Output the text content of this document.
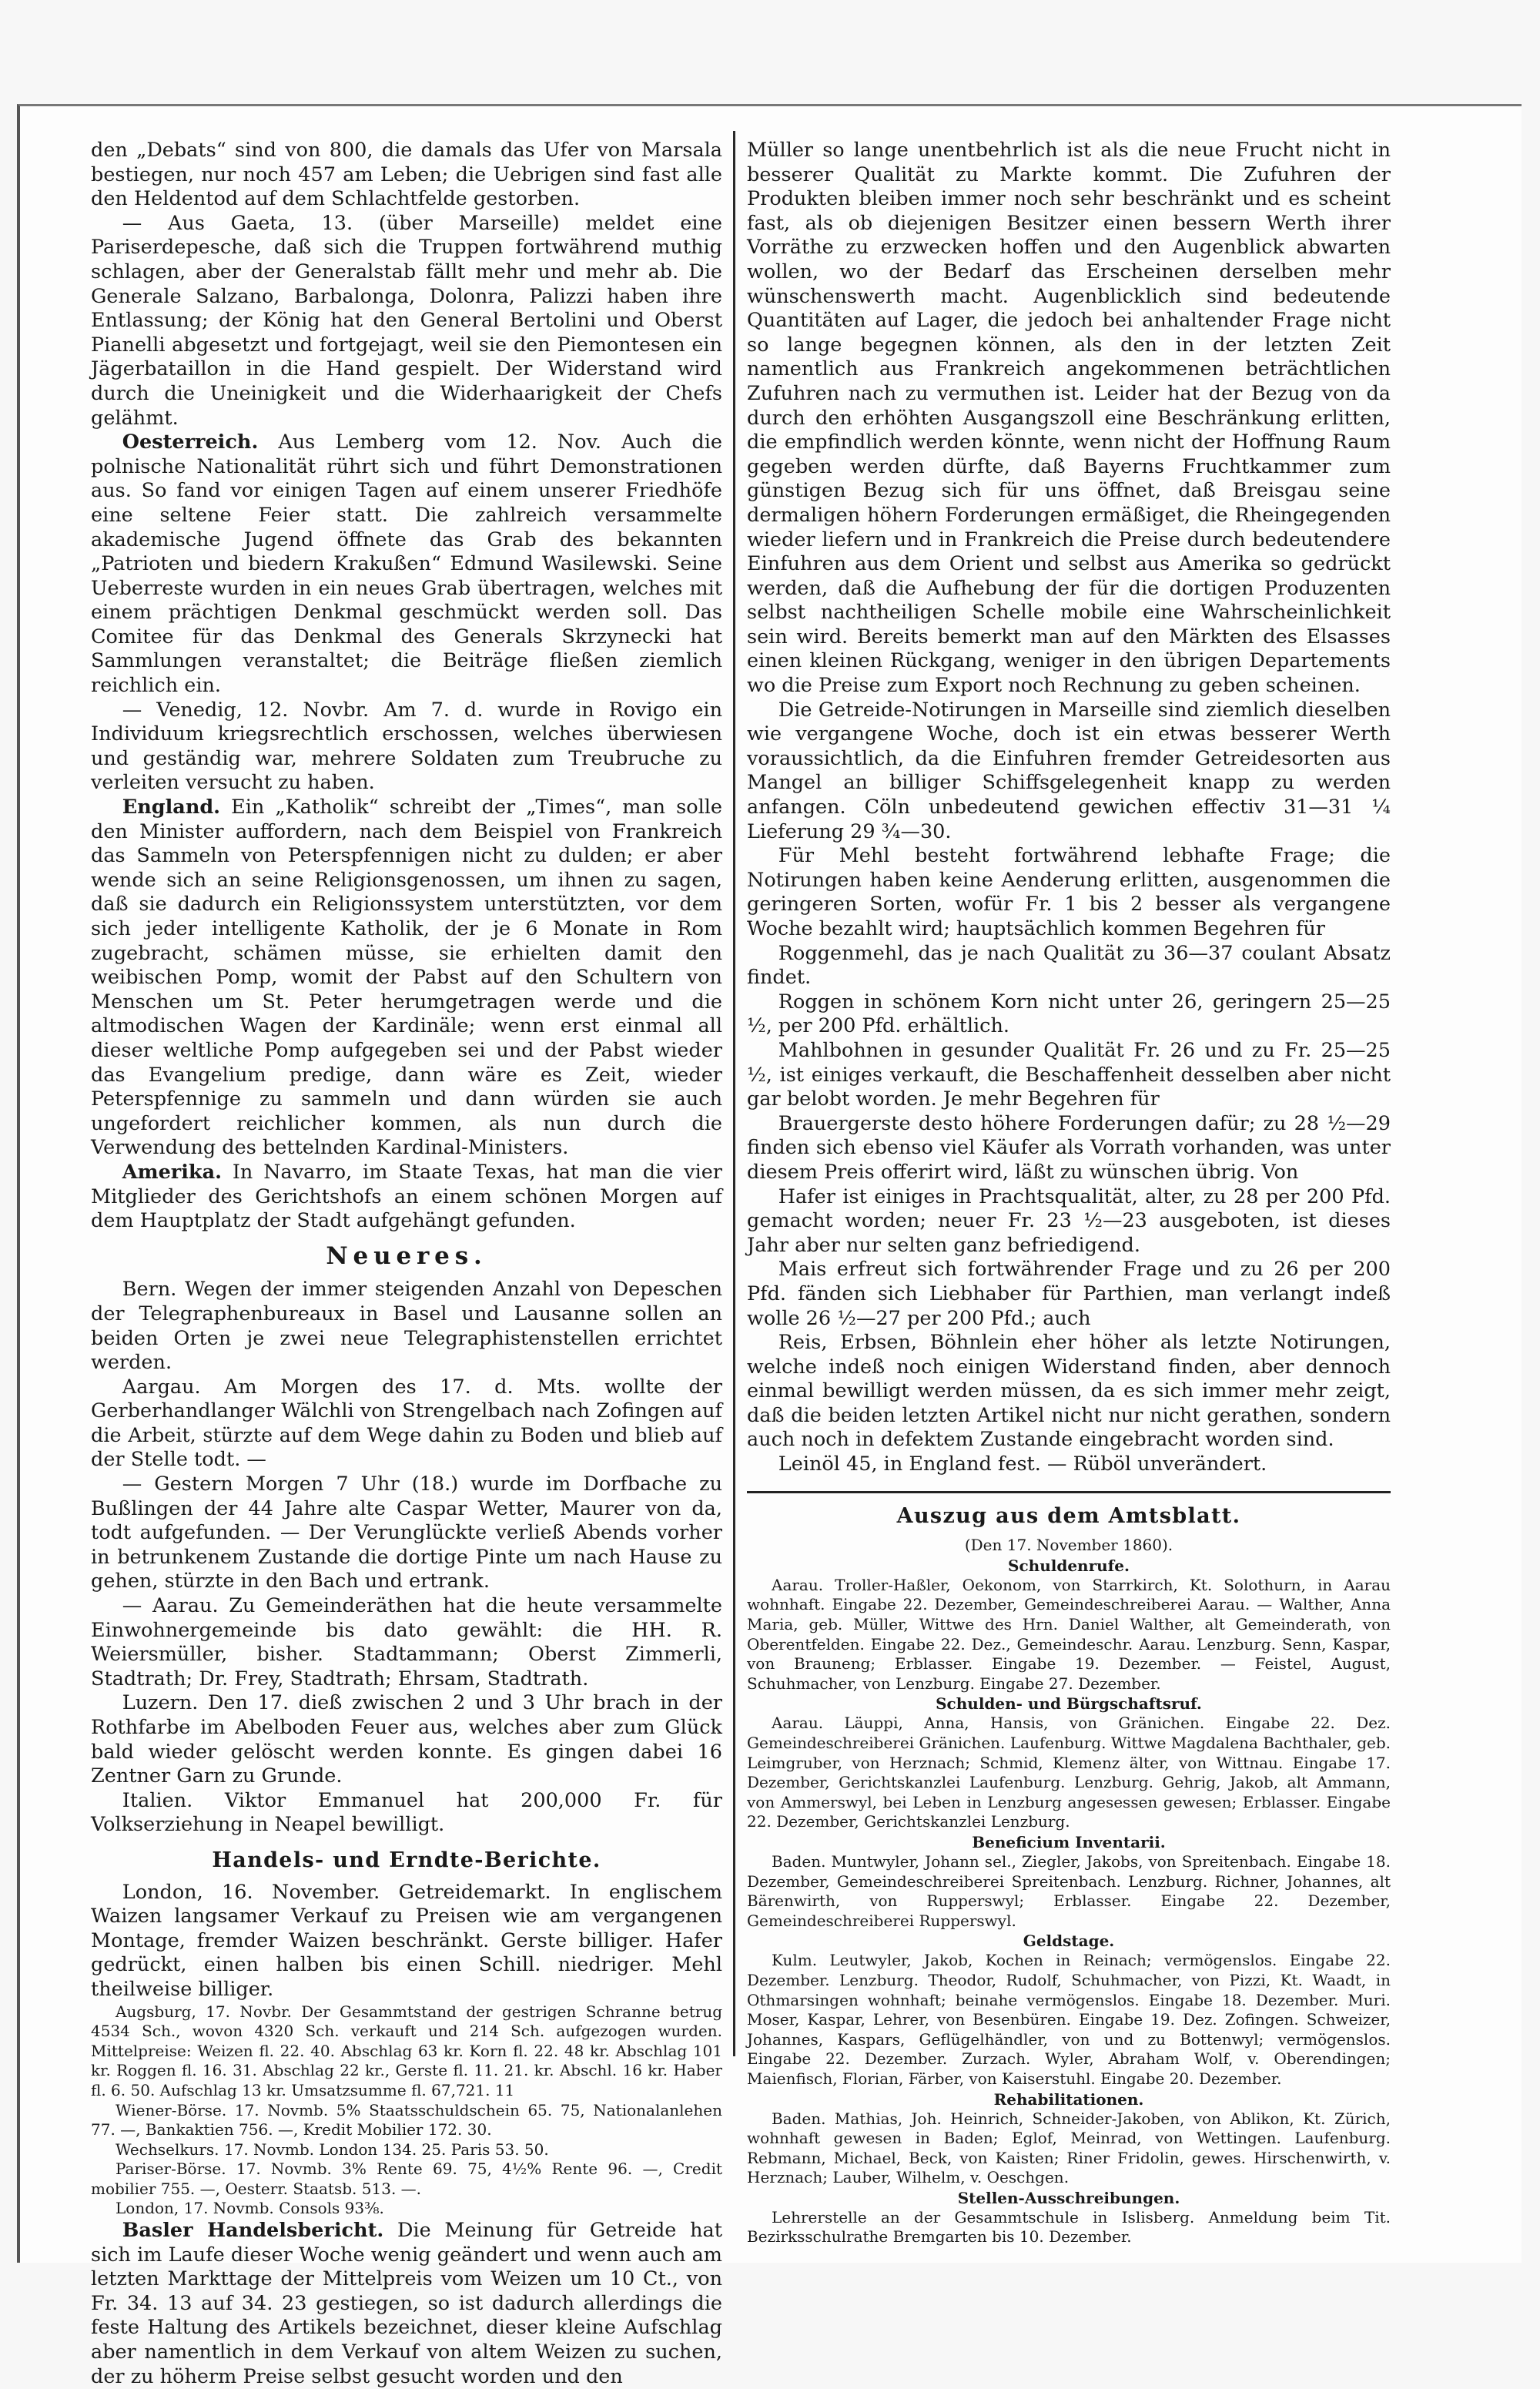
den „Debats“ sind von 800, die damals das Ufer von Marsala bestiegen, nur noch 457 am Leben; die Uebrigen sind fast alle den Heldentod auf dem Schlachtfelde gestorben.

— Aus Gaeta, 13. (über Marseille) meldet eine Pariserdepesche, daß sich die Truppen fortwährend muthig schlagen, aber der Generalstab fällt mehr und mehr ab. Die Generale Salzano, Barbalonga, Dolonra, Palizzi haben ihre Entlassung; der König hat den General Bertolini und Oberst Pianelli abgesetzt und fortgejagt, weil sie den Piemontesen ein Jägerbataillon in die Hand gespielt. Der Widerstand wird durch die Uneinigkeit und die Widerhaarigkeit der Chefs gelähmt.

Oesterreich. Aus Lemberg vom 12. Nov. Auch die polnische Nationalität rührt sich und führt Demonstrationen aus. So fand vor einigen Tagen auf einem unserer Friedhöfe eine seltene Feier statt. Die zahlreich versammelte akademische Jugend öffnete das Grab des bekannten „Patrioten und biedern Krakußen“ Edmund Wasilewski. Seine Ueberreste wurden in ein neues Grab übertragen, welches mit einem prächtigen Denkmal geschmückt werden soll. Das Comitee für das Denkmal des Generals Skrzynecki hat Sammlungen veranstaltet; die Beiträge fließen ziemlich reichlich ein.

— Venedig, 12. Novbr. Am 7. d. wurde in Rovigo ein Individuum kriegsrechtlich erschossen, welches überwiesen und geständig war, mehrere Soldaten zum Treubruche zu verleiten versucht zu haben.

England. Ein „Katholik“ schreibt der „Times“, man solle den Minister auffordern, nach dem Beispiel von Frankreich das Sammeln von Peterspfennigen nicht zu dulden; er aber wende sich an seine Religionsgenossen, um ihnen zu sagen, daß sie dadurch ein Religionssystem unterstützten, vor dem sich jeder intelligente Katholik, der je 6 Monate in Rom zugebracht, schämen müsse, sie erhielten damit den weibischen Pomp, womit der Pabst auf den Schultern von Menschen um St. Peter herumgetragen werde und die altmodischen Wagen der Kardinäle; wenn erst einmal all dieser weltliche Pomp aufgegeben sei und der Pabst wieder das Evangelium predige, dann wäre es Zeit, wieder Peterspfennige zu sammeln und dann würden sie auch ungefordert reichlicher kommen, als nun durch die Verwendung des bettelnden Kardinal-Ministers.

Amerika. In Navarro, im Staate Texas, hat man die vier Mitglieder des Gerichtshofs an einem schönen Morgen auf dem Hauptplatz der Stadt aufgehängt gefunden.

Neueres.

Bern. Wegen der immer steigenden Anzahl von Depeschen der Telegraphenbureaux in Basel und Lausanne sollen an beiden Orten je zwei neue Telegraphistenstellen errichtet werden.

Aargau. Am Morgen des 17. d. Mts. wollte der Gerberhandlanger Wälchli von Strengelbach nach Zofingen auf die Arbeit, stürzte auf dem Wege dahin zu Boden und blieb auf der Stelle todt. —

— Gestern Morgen 7 Uhr (18.) wurde im Dorfbache zu Bußlingen der 44 Jahre alte Caspar Wetter, Maurer von da, todt aufgefunden. — Der Verunglückte verließ Abends vorher in betrunkenem Zustande die dortige Pinte um nach Hause zu gehen, stürzte in den Bach und ertrank.

— Aarau. Zu Gemeinderäthen hat die heute versammelte Einwohnergemeinde bis dato gewählt: die HH. R. Weiersmüller, bisher. Stadtammann; Oberst Zimmerli, Stadtrath; Dr. Frey, Stadtrath; Ehrsam, Stadtrath.

Luzern. Den 17. dieß zwischen 2 und 3 Uhr brach in der Rothfarbe im Abelboden Feuer aus, welches aber zum Glück bald wieder gelöscht werden konnte. Es gingen dabei 16 Zentner Garn zu Grunde.

Italien. Viktor Emmanuel hat 200,000 Fr. für Volkserziehung in Neapel bewilligt.

Handels- und Erndte-Berichte.

London, 16. November. Getreidemarkt. In englischem Waizen langsamer Verkauf zu Preisen wie am vergangenen Montage, fremder Waizen beschränkt. Gerste billiger. Hafer gedrückt, einen halben bis einen Schill. niedriger. Mehl theilweise billiger.

Augsburg, 17. Novbr. Der Gesammtstand der gestrigen Schranne betrug 4534 Sch., wovon 4320 Sch. verkauft und 214 Sch. aufgezogen wurden. Mittelpreise: Weizen fl. 22. 40. Abschlag 63 kr. Korn fl. 22. 48 kr. Abschlag 101 kr. Roggen fl. 16. 31. Abschlag 22 kr., Gerste fl. 11. 21. kr. Abschl. 16 kr. Haber fl. 6. 50. Aufschlag 13 kr. Umsatzsumme fl. 67,721. 11

Wiener-Börse. 17. Novmb. 5% Staatsschuldschein 65. 75, Nationalanlehen 77. —, Bankaktien 756. —, Kredit Mobilier 172. 30.

Wechselkurs. 17. Novmb. London 134. 25. Paris 53. 50.

Pariser-Börse. 17. Novmb. 3% Rente 69. 75, 4½% Rente 96. —, Credit mobilier 755. —, Oesterr. Staatsb. 513. —.

London, 17. Novmb. Consols 93⅜.

Basler Handelsbericht. Die Meinung für Getreide hat sich im Laufe dieser Woche wenig geändert und wenn auch am letzten Markttage der Mittelpreis vom Weizen um 10 Ct., von Fr. 34. 13 auf 34. 23 gestiegen, so ist dadurch allerdings die feste Haltung des Artikels bezeichnet, dieser kleine Aufschlag aber namentlich in dem Verkauf von altem Weizen zu suchen, der zu höherm Preise selbst gesucht worden und den

Müller so lange unentbehrlich ist als die neue Frucht nicht in besserer Qualität zu Markte kommt. Die Zufuhren der Produkten bleiben immer noch sehr beschränkt und es scheint fast, als ob diejenigen Besitzer einen bessern Werth ihrer Vorräthe zu erzwecken hoffen und den Augenblick abwarten wollen, wo der Bedarf das Erscheinen derselben mehr wünschenswerth macht. Augenblicklich sind bedeutende Quantitäten auf Lager, die jedoch bei anhaltender Frage nicht so lange begegnen können, als den in der letzten Zeit namentlich aus Frankreich angekommenen beträchtlichen Zufuhren nach zu vermuthen ist. Leider hat der Bezug von da durch den erhöhten Ausgangszoll eine Beschränkung erlitten, die empfindlich werden könnte, wenn nicht der Hoffnung Raum gegeben werden dürfte, daß Bayerns Fruchtkammer zum günstigen Bezug sich für uns öffnet, daß Breisgau seine dermaligen höhern Forderungen ermäßiget, die Rheingegenden wieder liefern und in Frankreich die Preise durch bedeutendere Einfuhren aus dem Orient und selbst aus Amerika so gedrückt werden, daß die Aufhebung der für die dortigen Produzenten selbst nachtheiligen Schelle mobile eine Wahrscheinlichkeit sein wird. Bereits bemerkt man auf den Märkten des Elsasses einen kleinen Rückgang, weniger in den übrigen Departements wo die Preise zum Export noch Rechnung zu geben scheinen.

Die Getreide-Notirungen in Marseille sind ziemlich dieselben wie vergangene Woche, doch ist ein etwas besserer Werth voraussichtlich, da die Einfuhren fremder Getreidesorten aus Mangel an billiger Schiffsgelegenheit knapp zu werden anfangen. Cöln unbedeutend gewichen effectiv 31—31 ¼ Lieferung 29 ¾—30.

Für Mehl besteht fortwährend lebhafte Frage; die Notirungen haben keine Aenderung erlitten, ausgenommen die geringeren Sorten, wofür Fr. 1 bis 2 besser als vergangene Woche bezahlt wird; hauptsächlich kommen Begehren für

Roggenmehl, das je nach Qualität zu 36—37 coulant Absatz findet.

Roggen in schönem Korn nicht unter 26, geringern 25—25 ½, per 200 Pfd. erhältlich.

Mahlbohnen in gesunder Qualität Fr. 26 und zu Fr. 25—25 ½, ist einiges verkauft, die Beschaffenheit desselben aber nicht gar belobt worden. Je mehr Begehren für

Brauergerste desto höhere Forderungen dafür; zu 28 ½—29 finden sich ebenso viel Käufer als Vorrath vorhanden, was unter diesem Preis offerirt wird, läßt zu wünschen übrig. Von

Hafer ist einiges in Prachtsqualität, alter, zu 28 per 200 Pfd. gemacht worden; neuer Fr. 23 ½—23 ausgeboten, ist dieses Jahr aber nur selten ganz befriedigend.

Mais erfreut sich fortwährender Frage und zu 26 per 200 Pfd. fänden sich Liebhaber für Parthien, man verlangt indeß wolle 26 ½—27 per 200 Pfd.; auch

Reis, Erbsen, Böhnlein eher höher als letzte Notirungen, welche indeß noch einigen Widerstand finden, aber dennoch einmal bewilligt werden müssen, da es sich immer mehr zeigt, daß die beiden letzten Artikel nicht nur nicht gerathen, sondern auch noch in defektem Zustande eingebracht worden sind.

Leinöl 45, in England fest. — Rüböl unverändert.

Auszug aus dem Amtsblatt.
(Den 17. November 1860).
Schuldenrufe.

Aarau. Troller-Haßler, Oekonom, von Starrkirch, Kt. Solothurn, in Aarau wohnhaft. Eingabe 22. Dezember, Gemeindeschreiberei Aarau. — Walther, Anna Maria, geb. Müller, Wittwe des Hrn. Daniel Walther, alt Gemeinderath, von Oberentfelden. Eingabe 22. Dez., Gemeindeschr. Aarau. Lenzburg. Senn, Kaspar, von Brauneng; Erblasser. Eingabe 19. Dezember. — Feistel, August, Schuhmacher, von Lenzburg. Eingabe 27. Dezember.

Schulden- und Bürgschaftsruf.

Aarau. Läuppi, Anna, Hansis, von Gränichen. Eingabe 22. Dez. Gemeindeschreiberei Gränichen. Laufenburg. Wittwe Magdalena Bachthaler, geb. Leimgruber, von Herznach; Schmid, Klemenz älter, von Wittnau. Eingabe 17. Dezember, Gerichtskanzlei Laufenburg. Lenzburg. Gehrig, Jakob, alt Ammann, von Ammerswyl, bei Leben in Lenzburg angesessen gewesen; Erblasser. Eingabe 22. Dezember, Gerichtskanzlei Lenzburg.

Beneficium Inventarii.

Baden. Muntwyler, Johann sel., Ziegler, Jakobs, von Spreitenbach. Eingabe 18. Dezember, Gemeindeschreiberei Spreitenbach. Lenzburg. Richner, Johannes, alt Bärenwirth, von Rupperswyl; Erblasser. Eingabe 22. Dezember, Gemeindeschreiberei Rupperswyl.

Geldstage.

Kulm. Leutwyler, Jakob, Kochen in Reinach; vermögenslos. Eingabe 22. Dezember. Lenzburg. Theodor, Rudolf, Schuhmacher, von Pizzi, Kt. Waadt, in Othmarsingen wohnhaft; beinahe vermögenslos. Eingabe 18. Dezember. Muri. Moser, Kaspar, Lehrer, von Besenbüren. Eingabe 19. Dez. Zofingen. Schweizer, Johannes, Kaspars, Geflügelhändler, von und zu Bottenwyl; vermögenslos. Eingabe 22. Dezember. Zurzach. Wyler, Abraham Wolf, v. Oberendingen; Maienfisch, Florian, Färber, von Kaiserstuhl. Eingabe 20. Dezember.

Rehabilitationen.

Baden. Mathias, Joh. Heinrich, Schneider-Jakoben, von Ablikon, Kt. Zürich, wohnhaft gewesen in Baden; Eglof, Meinrad, von Wettingen. Laufenburg. Rebmann, Michael, Beck, von Kaisten; Riner Fridolin, gewes. Hirschenwirth, v. Herznach; Lauber, Wilhelm, v. Oeschgen.

Stellen-Ausschreibungen.

Lehrerstelle an der Gesammtschule in Islisberg. Anmeldung beim Tit. Bezirksschulrathe Bremgarten bis 10. Dezember.
